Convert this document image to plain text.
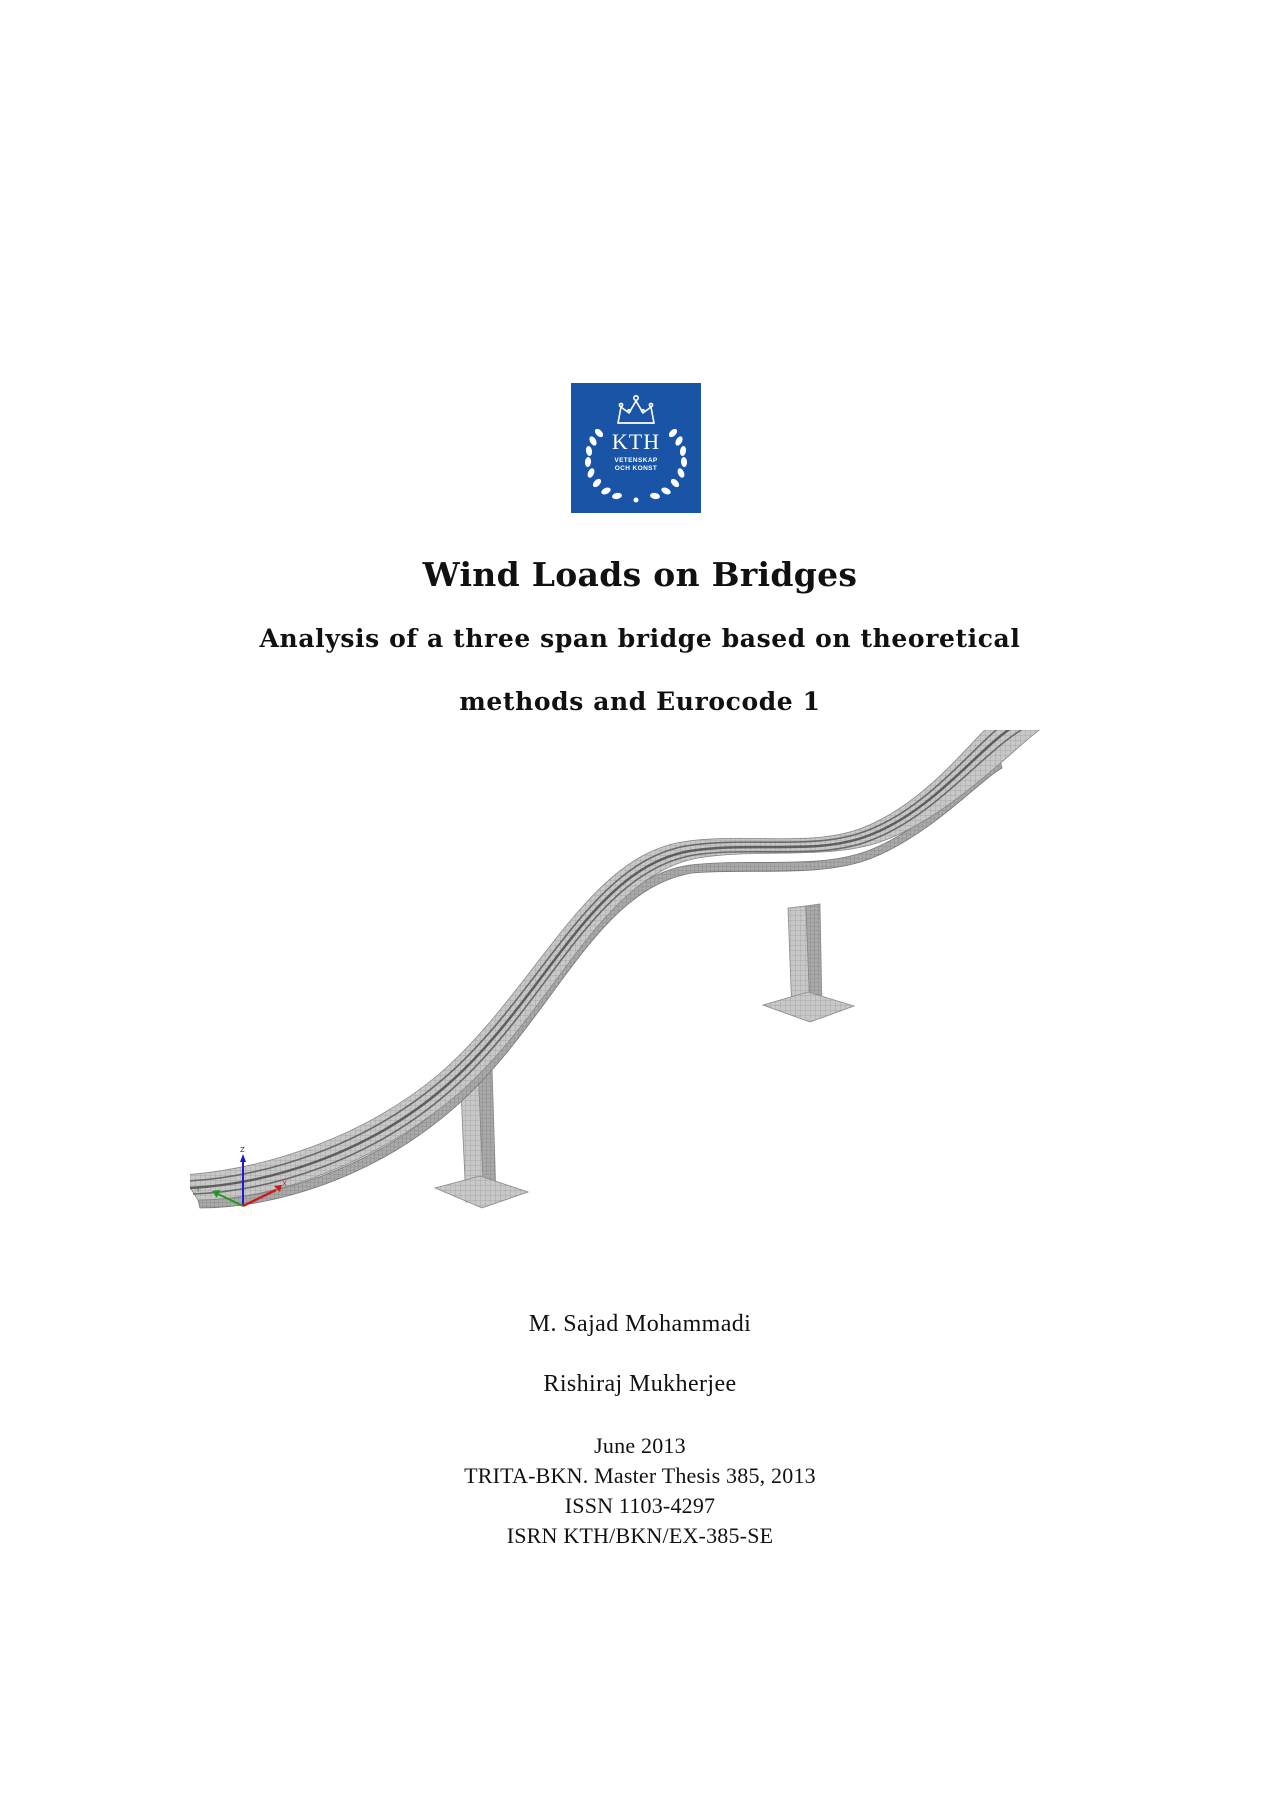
KTH
VETENSKAP
OCH KONST
Wind Loads on Bridges
Analysis of a three span bridge based on theoretical
methods and Eurocode 1
Z
Y
X
M. Sajad Mohammadi
Rishiraj Mukherjee
June 2013
TRITA-BKN. Master Thesis 385, 2013
ISSN 1103-4297
ISRN KTH/BKN/EX-385-SE
